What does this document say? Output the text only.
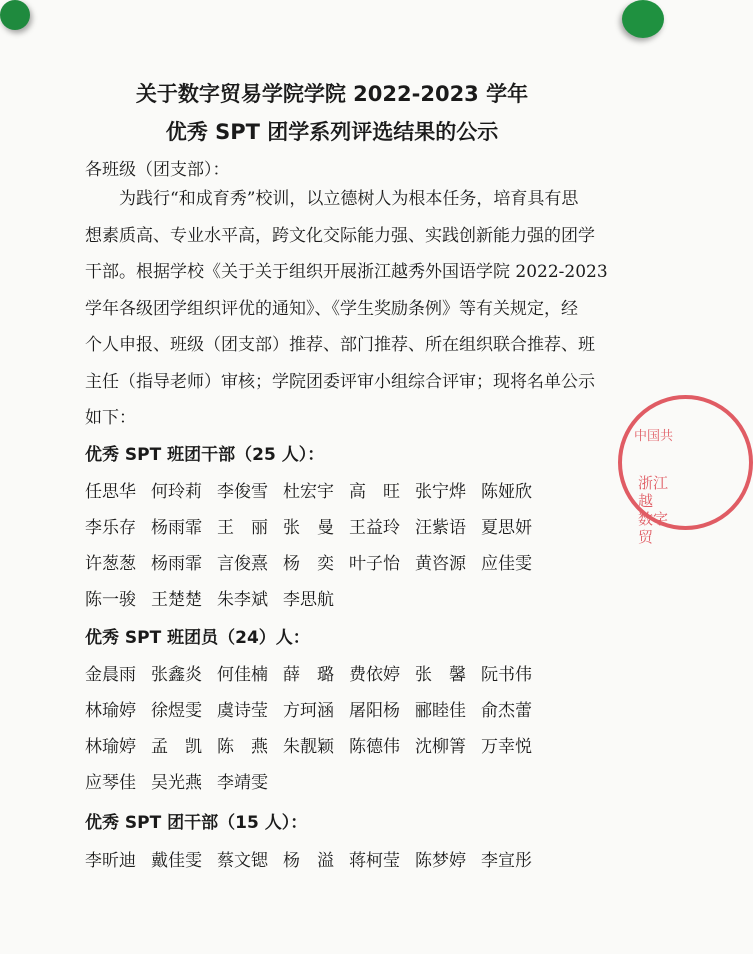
关于数字贸易学院学院 2022-2023 学年
优秀 SPT 团学系列评选结果的公示
各班级（团支部）：

为践行“和成育秀”校训，以立德树人为根本任务，培育具有思

想素质高、专业水平高，跨文化交际能力强、实践创新能力强的团学

干部。根据学校《关于关于组织开展浙江越秀外国语学院 2022-2023

学年各级团学组织评优的通知》、《学生奖励条例》等有关规定，经

个人申报、班级（团支部）推荐、部门推荐、所在组织联合推荐、班

主任（指导老师）审核；学院团委评审小组综合评审；现将名单公示

如下：

优秀 SPT 班团干部（25 人）：
任思华 何玲莉 李俊雪 杜宏宇 高　旺 张宁烨 陈娅欣
李乐存 杨雨霏 王　丽 张　曼 王益玲 汪紫语 夏思妍
许葱葱 杨雨霏 言俊熹 杨　奕 叶子怡 黄咨源 应佳雯
陈一骏 王楚楚 朱李斌 李思航
优秀 SPT 班团员（24）人：
金晨雨 张鑫炎 何佳楠 薛　璐 费依婷 张　馨 阮书伟
林瑜婷 徐煜雯 虞诗莹 方珂涵 屠阳杨 郦睦佳 俞杰蕾
林瑜婷 孟　凯 陈　燕 朱靓颖 陈德伟 沈柳箐 万幸悦
应琴佳 吴光燕 李靖雯
优秀 SPT 团干部（15 人）：
李昕迪 戴佳雯 蔡文锶 杨　溢 蒋柯莹 陈梦婷 李宣彤
中国共
浙江越
数字贸
